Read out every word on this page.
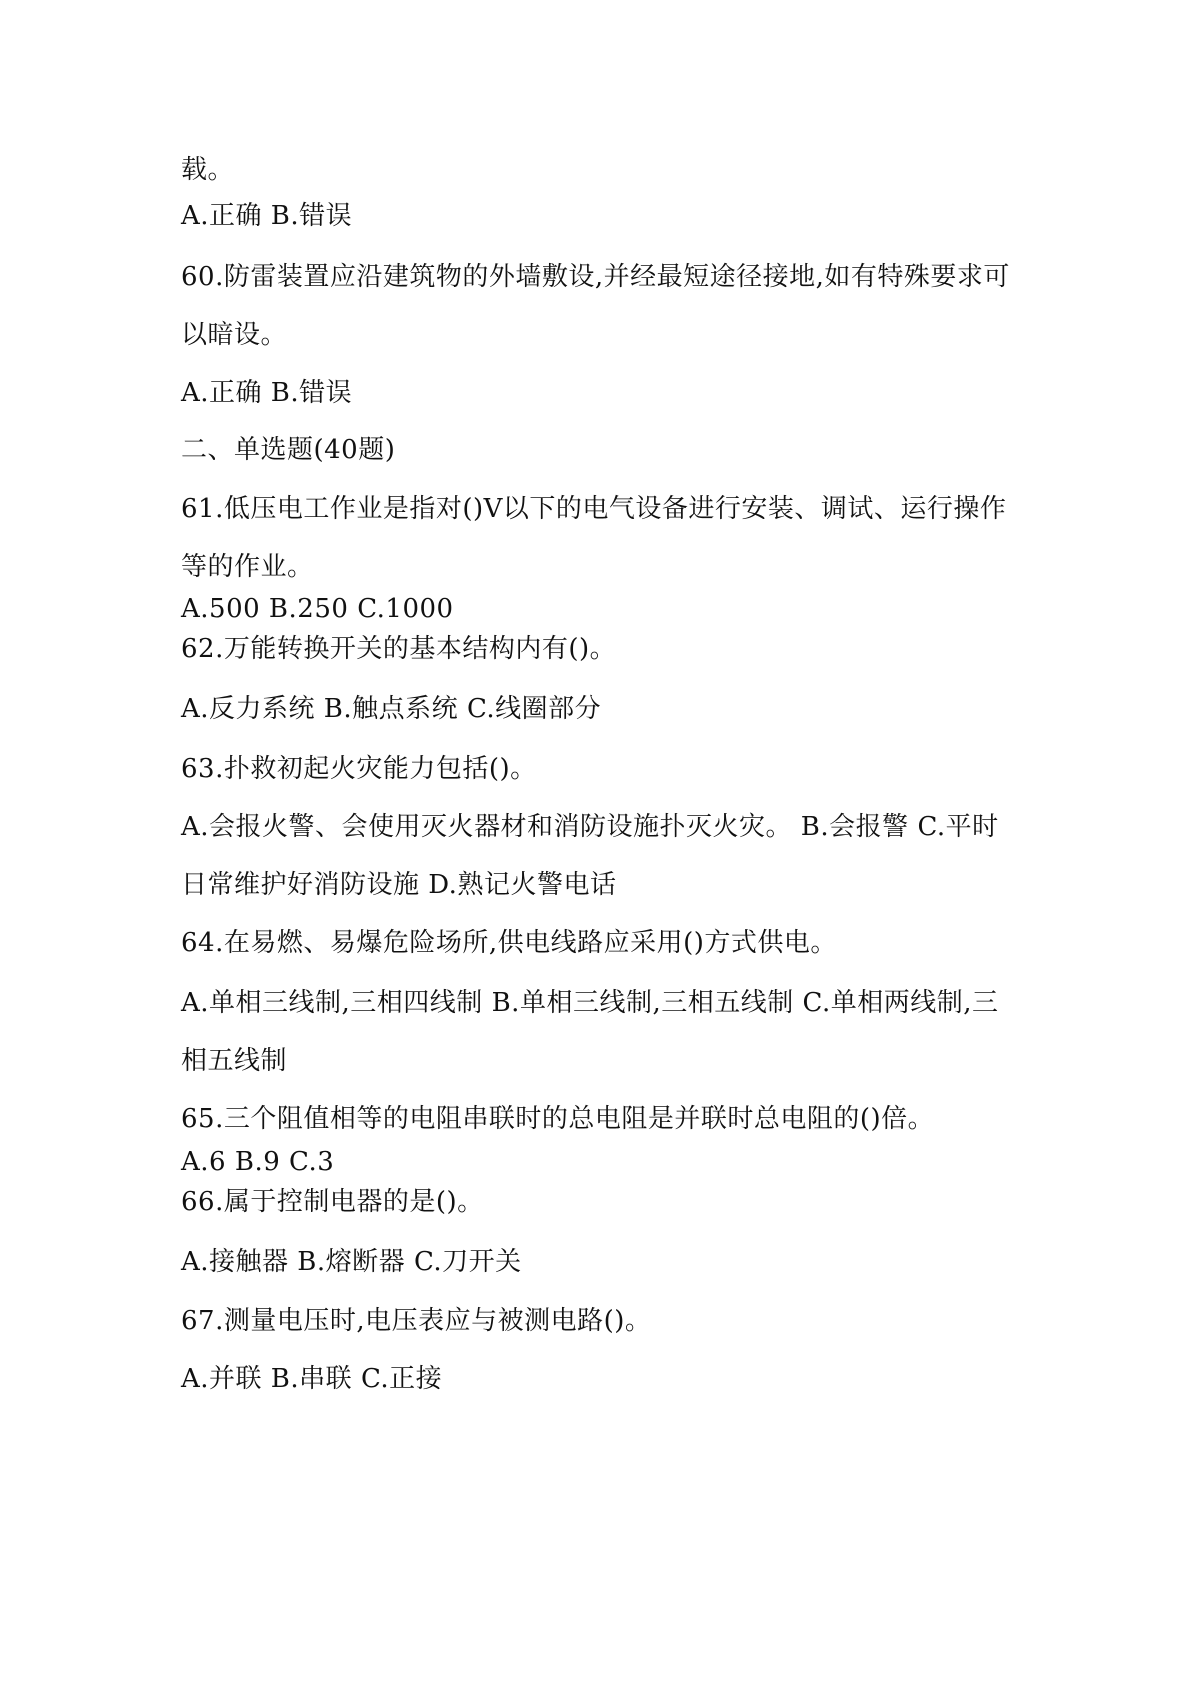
载。
A.正确 B.错误
60.防雷装置应沿建筑物的外墙敷设,并经最短途径接地,如有特殊要求可
以暗设。
A.正确 B.错误
二、单选题(40题)
61.低压电工作业是指对()V以下的电气设备进行安装、调试、运行操作
等的作业。
A.500 B.250 C.1000
62.万能转换开关的基本结构内有()。
A.反力系统 B.触点系统 C.线圈部分
63.扑救初起火灾能力包括()。
A.会报火警、会使用灭火器材和消防设施扑灭火灾。 B.会报警 C.平时
日常维护好消防设施 D.熟记火警电话
64.在易燃、易爆危险场所,供电线路应采用()方式供电。
A.单相三线制,三相四线制 B.单相三线制,三相五线制 C.单相两线制,三
相五线制
65.三个阻值相等的电阻串联时的总电阻是并联时总电阻的()倍。
A.6 B.9 C.3
66.属于控制电器的是()。
A.接触器 B.熔断器 C.刀开关
67.测量电压时,电压表应与被测电路()。
A.并联 B.串联 C.正接
